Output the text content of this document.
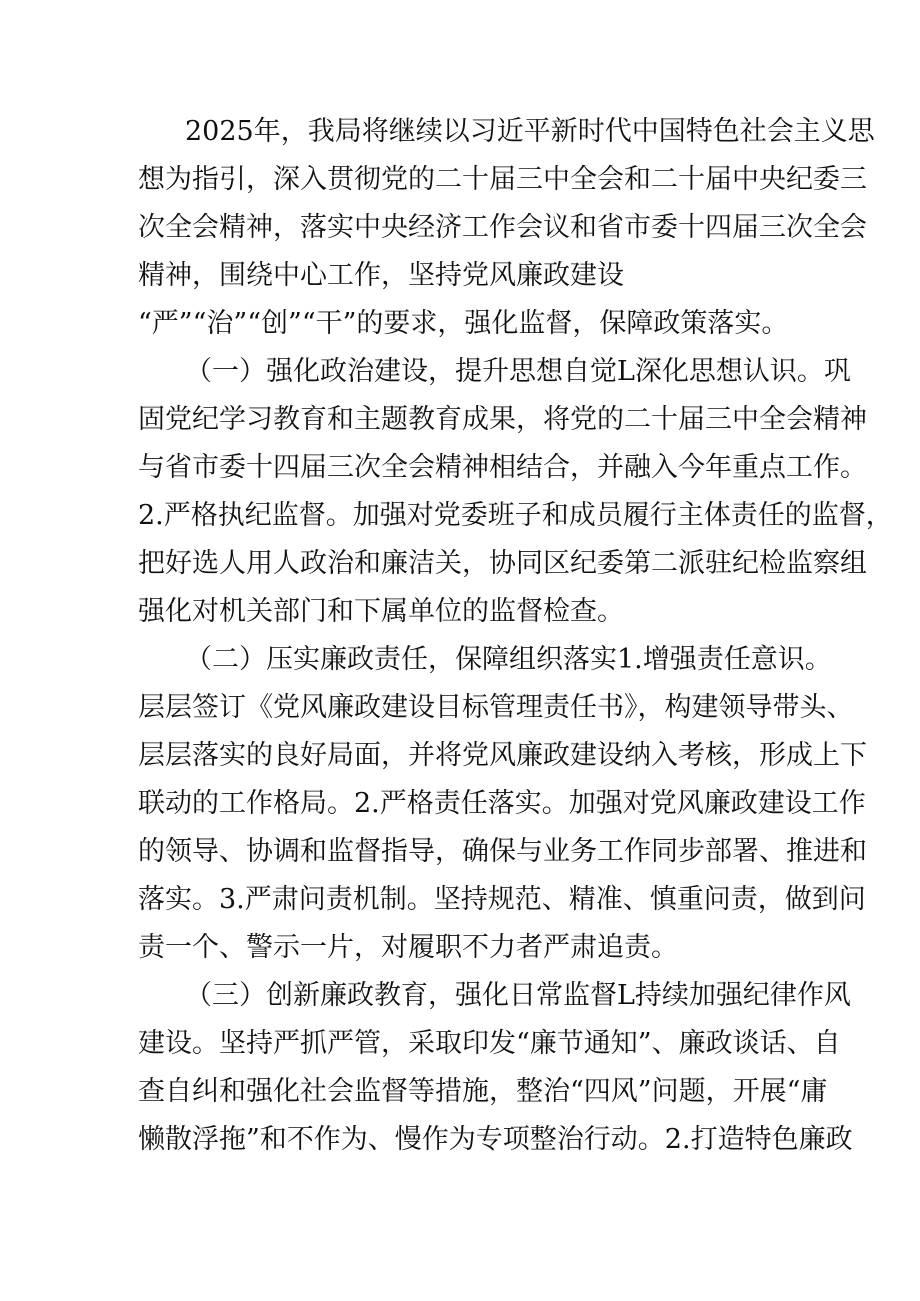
2025年，我局将继续以习近平新时代中国特色社会主义思
想为指引，深入贯彻党的二十届三中全会和二十届中央纪委三
次全会精神，落实中央经济工作会议和省市委十四届三次全会
精神，围绕中心工作，坚持党风廉政建设
“严”“治”“创”“干”的要求，强化监督，保障政策落实。
（一）强化政治建设，提升思想自觉L深化思想认识。巩
固党纪学习教育和主题教育成果，将党的二十届三中全会精神
与省市委十四届三次全会精神相结合，并融入今年重点工作。
2.严格执纪监督。加强对党委班子和成员履行主体责任的监督，
把好选人用人政治和廉洁关，协同区纪委第二派驻纪检监察组
强化对机关部门和下属单位的监督检查。
（二）压实廉政责任，保障组织落实1.增强责任意识。
层层签订《党风廉政建设目标管理责任书》，构建领导带头、
层层落实的良好局面，并将党风廉政建设纳入考核，形成上下
联动的工作格局。2.严格责任落实。加强对党风廉政建设工作
的领导、协调和监督指导，确保与业务工作同步部署、推进和
落实。3.严肃问责机制。坚持规范、精准、慎重问责，做到问
责一个、警示一片，对履职不力者严肃追责。
（三）创新廉政教育，强化日常监督L持续加强纪律作风
建设。坚持严抓严管，采取印发“廉节通知”、廉政谈话、自
查自纠和强化社会监督等措施，整治“四风”问题，开展“庸
懒散浮拖”和不作为、慢作为专项整治行动。2.打造特色廉政
